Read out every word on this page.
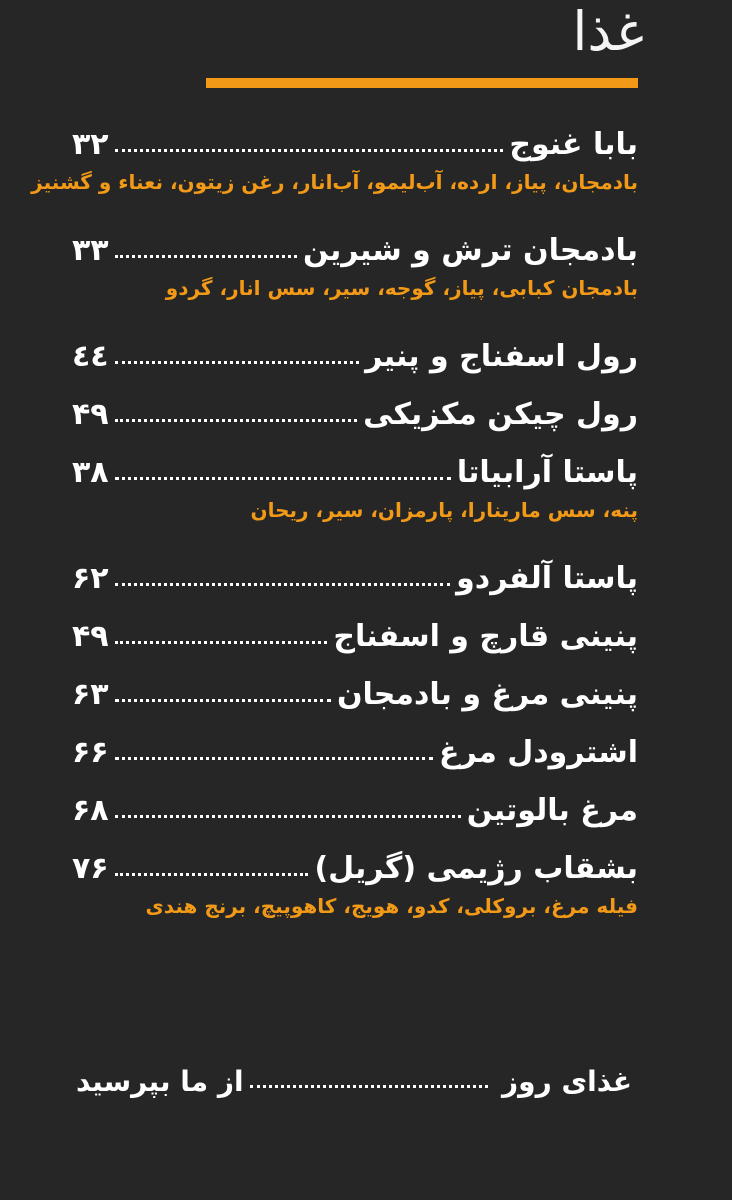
غذا
۳۲	بابا غنوج
بادمجان، پیاز، ارده، آب‌لیمو، آب‌انار، رغن زیتون، نعناء و گشنیز
۳۳	بادمجان ترش و شیرین
بادمجان کبابی، پیاز، گوجه، سیر، سس انار، گردو
٤٤	رول اسفناج و پنیر
۴۹	رول چیکن مکزیکی
۳۸	پاستا آرابیاتا
پنه، سس مارینارا، پارمزان، سیر، ریحان
۶۲	پاستا آلفردو
۴۹	پنینی قارچ و اسفناج
۶۳	پنینی مرغ و بادمجان
۶۶	اشترودل مرغ
۶۸	مرغ بالوتین
۷۶	بشقاب رژیمی (گریل)
فیله مرغ، بروکلی، کدو، هویج، کاهوپیچ، برنج هندی
از ما بپرسید	غذای روز
